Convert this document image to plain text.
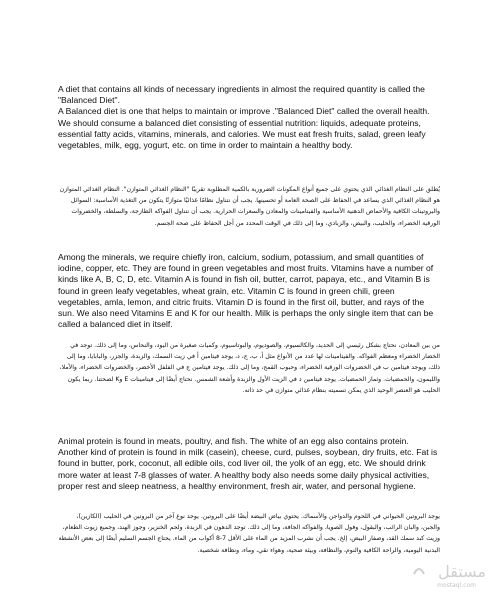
A diet that contains all kinds of necessary ingredients in almost the required quantity is called the "Balanced Diet".

A Balanced diet is one that helps to maintain or improve ."Balanced Diet" called the overall health. We should consume a balanced diet consisting of essential nutrition: liquids, adequate proteins, essential fatty acids, vitamins, minerals, and calories. We must eat fresh fruits, salad, green leafy vegetables, milk, egg, yogurt, etc. on time in order to maintain a healthy body.

يُطلق على النظام الغذائي الذي يحتوي على جميع أنواع المكونات الضرورية بالكمية المطلوبة تقريبًا "النظام الغذائي المتوازن". النظام الغذائي المتوازن هو النظام الغذائي الذي يساعد في الحفاظ على الصحة العامة أو تحسينها. يجب أن نتناول نظامًا غذائيًا متوازنًا يتكون من التغذية الأساسية: السوائل والبروتينات الكافية والأحماض الدهنية الأساسية والفيتامينات والمعادن والسعرات الحرارية. يجب أن نتناول الفواكه الطازجة، والسلطة، والخضروات الورقية الخضراء، والحليب، والبيض، والزبادي، وما إلى ذلك في الوقت المحدد من أجل الحفاظ على صحة الجسم.

Among the minerals, we require chiefly iron, calcium, sodium, potassium, and small quantities of iodine, copper, etc. They are found in green vegetables and most fruits. Vitamins have a number of kinds like A, B, C, D, etc. Vitamin A is found in fish oil, butter, carrot, papaya, etc., and Vitamin B is found in green leafy vegetables, wheat grain, etc. Vitamin C is found in green chili, green vegetables, amla, lemon, and citric fruits. Vitamin D is found in the first oil, butter, and rays of the sun. We also need Vitamins E and K for our health. Milk is perhaps the only single item that can be called a balanced diet in itself.

من بين المعادن، نحتاج بشكل رئيسي إلى الحديد، والكالسيوم، والصوديوم، والبوتاسيوم، وكميات صغيرة من اليود، والنحاس، وما إلى ذلك. توجد في الخضار الخضراء ومعظم الفواكه. والفيتامينات لها عدد من الأنواع مثل أ، ب، ج، د، يوجد فيتامين أ في زيت السمك، والزبدة، والجزر، والبابايا، وما إلى ذلك، ويوجد فيتامين ب في الخضروات الورقية الخضراء، وحبوب القمح، وما إلى ذلك. يوجد فيتامين ج في الفلفل الأخضر، والخضروات الخضراء، والأملا، والليمون، والحمضيات. وثمار الحمضيات. يوجد فيتامين د في الزيت الأول والزبدة وأشعة الشمس. نحتاج أيضًا إلى فيتامينات E وK لصحتنا. ربما يكون الحليب هو العنصر الوحيد الذي يمكن تسميته بنظام غذائي متوازن في حد ذاته.

Animal protein is found in meats, poultry, and fish. The white of an egg also contains protein. Another kind of protein is found in milk (casein), cheese, curd, pulses, soybean, dry fruits, etc. Fat is found in butter, pork, coconut, all edible oils, cod liver oil, the yolk of an egg, etc. We should drink more water at least 7-8 glasses of water. A healthy body also needs some daily physical activities, proper rest and sleep neatness, a healthy environment, fresh air, water, and personal hygiene.

يوجد البروتين الحيواني في اللحوم والدواجن والأسماك. يحتوي بياض البيضة أيضًا على البروتين. يوجد نوع آخر من البروتين في الحليب (الكازين)، والجبن، والبان الرائب، والبقول، وفول الصويا، والفواكه الجافة، وما إلى ذلك. توجد الدهون في الزبدة، ولحم الخنزير، وجوز الهند، وجميع زيوت الطعام، وزيت كبد سمك القد، وصفار البيض، إلخ. يجب أن نشرب المزيد من الماء على الأقل 7-8 أكواب من الماء. يحتاج الجسم السليم أيضًا إلى بعض الأنشطة البدنية اليومية، والراحة الكافية والنوم، والنظافة، وبيئة صحية، وهواء نقي، وماء، ونظافة شخصية.

مستقل
mostaql.com
